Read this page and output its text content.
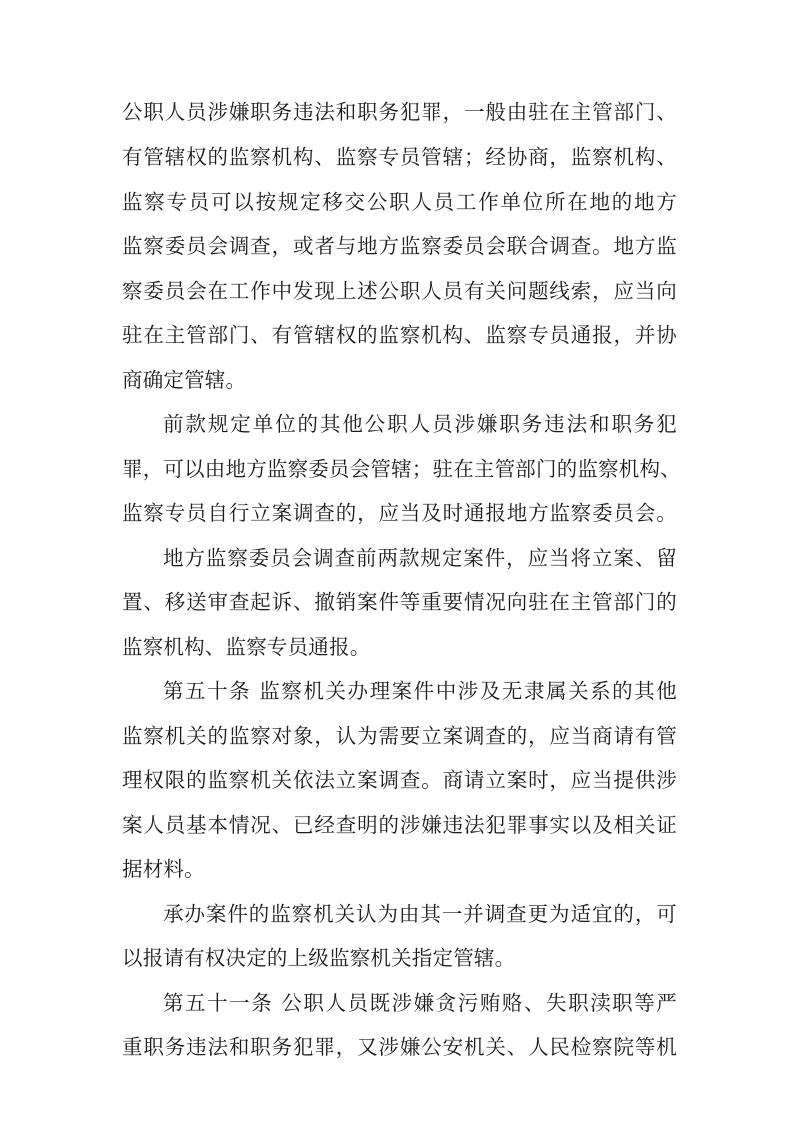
公职人员涉嫌职务违法和职务犯罪，一般由驻在主管部门、
有管辖权的监察机构、监察专员管辖；经协商，监察机构、
监察专员可以按规定移交公职人员工作单位所在地的地方
监察委员会调查，或者与地方监察委员会联合调查。地方监
察委员会在工作中发现上述公职人员有关问题线索，应当向
驻在主管部门、有管辖权的监察机构、监察专员通报，并协
商确定管辖。
前款规定单位的其他公职人员涉嫌职务违法和职务犯
罪，可以由地方监察委员会管辖；驻在主管部门的监察机构、
监察专员自行立案调查的，应当及时通报地方监察委员会。
地方监察委员会调查前两款规定案件，应当将立案、留
置、移送审查起诉、撤销案件等重要情况向驻在主管部门的
监察机构、监察专员通报。
第五十条 监察机关办理案件中涉及无隶属关系的其他
监察机关的监察对象，认为需要立案调查的，应当商请有管
理权限的监察机关依法立案调查。商请立案时，应当提供涉
案人员基本情况、已经查明的涉嫌违法犯罪事实以及相关证
据材料。
承办案件的监察机关认为由其一并调查更为适宜的，可
以报请有权决定的上级监察机关指定管辖。
第五十一条 公职人员既涉嫌贪污贿赂、失职渎职等严
重职务违法和职务犯罪，又涉嫌公安机关、人民检察院等机
